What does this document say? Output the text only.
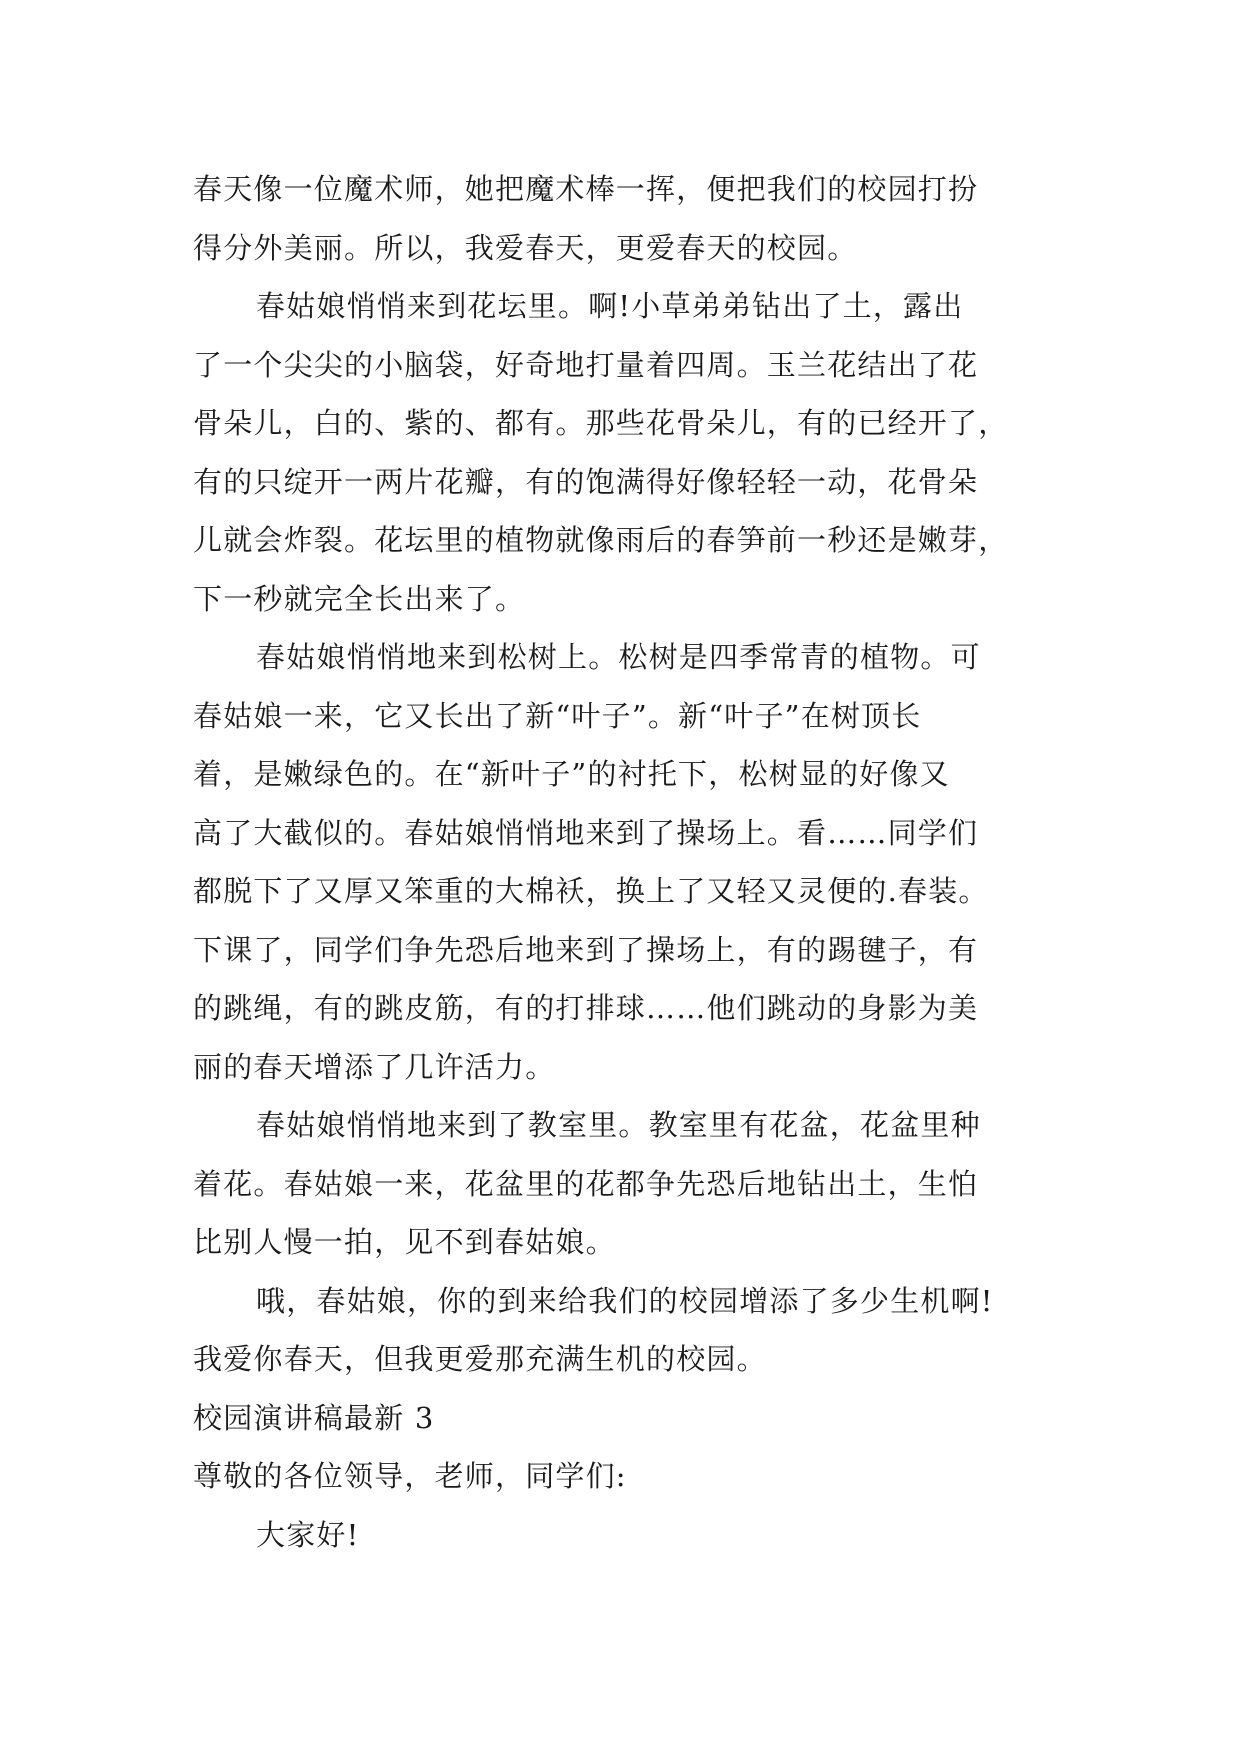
春天像一位魔术师，她把魔术棒一挥，便把我们的校园打扮
得分外美丽。所以，我爱春天，更爱春天的校园。
春姑娘悄悄来到花坛里。啊!小草弟弟钻出了土，露出
了一个尖尖的小脑袋，好奇地打量着四周。玉兰花结出了花
骨朵儿，白的、紫的、都有。那些花骨朵儿，有的已经开了，
有的只绽开一两片花瓣，有的饱满得好像轻轻一动，花骨朵
儿就会炸裂。花坛里的植物就像雨后的春笋前一秒还是嫩芽，
下一秒就完全长出来了。
春姑娘悄悄地来到松树上。松树是四季常青的植物。可
春姑娘一来，它又长出了新“叶子”。新“叶子”在树顶长
着，是嫩绿色的。在“新叶子”的衬托下，松树显的好像又
高了大截似的。春姑娘悄悄地来到了操场上。看……同学们
都脱下了又厚又笨重的大棉袄，换上了又轻又灵便的.春装。
下课了，同学们争先恐后地来到了操场上，有的踢毽子，有
的跳绳，有的跳皮筋，有的打排球……他们跳动的身影为美
丽的春天增添了几许活力。
春姑娘悄悄地来到了教室里。教室里有花盆，花盆里种
着花。春姑娘一来，花盆里的花都争先恐后地钻出土，生怕
比别人慢一拍，见不到春姑娘。
哦，春姑娘，你的到来给我们的校园增添了多少生机啊!
我爱你春天，但我更爱那充满生机的校园。
校园演讲稿最新 3
尊敬的各位领导，老师，同学们:
大家好!
